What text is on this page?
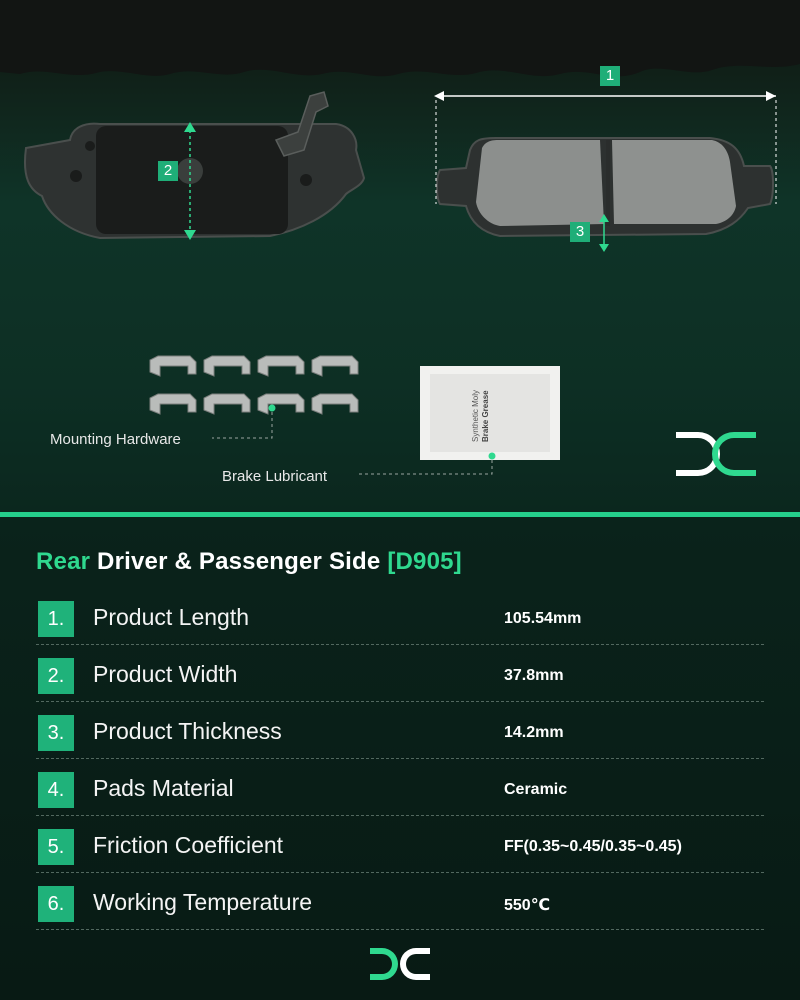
Synthetic Moly Brake Grease
1
2
3
Mounting Hardware
Brake Lubricant
Rear Driver & Passenger Side [D905]
1.	Product Length	105.54mm
2.	Product Width	37.8mm
3.	Product Thickness	14.2mm
4.	Pads Material	Ceramic
5.	Friction Coefficient	FF(0.35~0.45/0.35~0.45)
6.	Working Temperature	550℃
